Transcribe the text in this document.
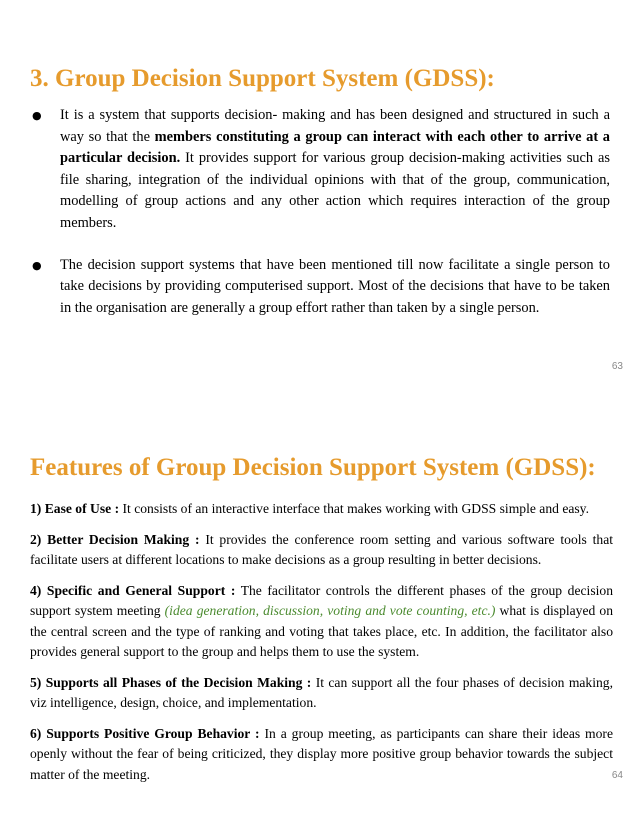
3. Group Decision Support System (GDSS):
● It is a system that supports decision- making and has been designed and structured in such a way so that the members constituting a group can interact with each other to arrive at a particular decision. It provides support for various group decision-making activities such as file sharing, integration of the individual opinions with that of the group, communication, modelling of group actions and any other action which requires interaction of the group members.
● The decision support systems that have been mentioned till now facilitate a single person to take decisions by providing computerised support. Most of the decisions that have to be taken in the organisation are generally a group effort rather than taken by a single person.
63
Features of Group Decision Support System (GDSS):

1) Ease of Use : It consists of an interactive interface that makes working with GDSS simple and easy.

2) Better Decision Making : It provides the conference room setting and various software tools that facilitate users at different locations to make decisions as a group resulting in better decisions.

4) Specific and General Support : The facilitator controls the different phases of the group decision support system meeting (idea generation, discussion, voting and vote counting, etc.) what is displayed on the central screen and the type of ranking and voting that takes place, etc. In addition, the facilitator also provides general support to the group and helps them to use the system.

5) Supports all Phases of the Decision Making : It can support all the four phases of decision making, viz intelligence, design, choice, and implementation.

6) Supports Positive Group Behavior : In a group meeting, as participants can share their ideas more openly without the fear of being criticized, they display more positive group behavior towards the subject matter of the meeting.	64
